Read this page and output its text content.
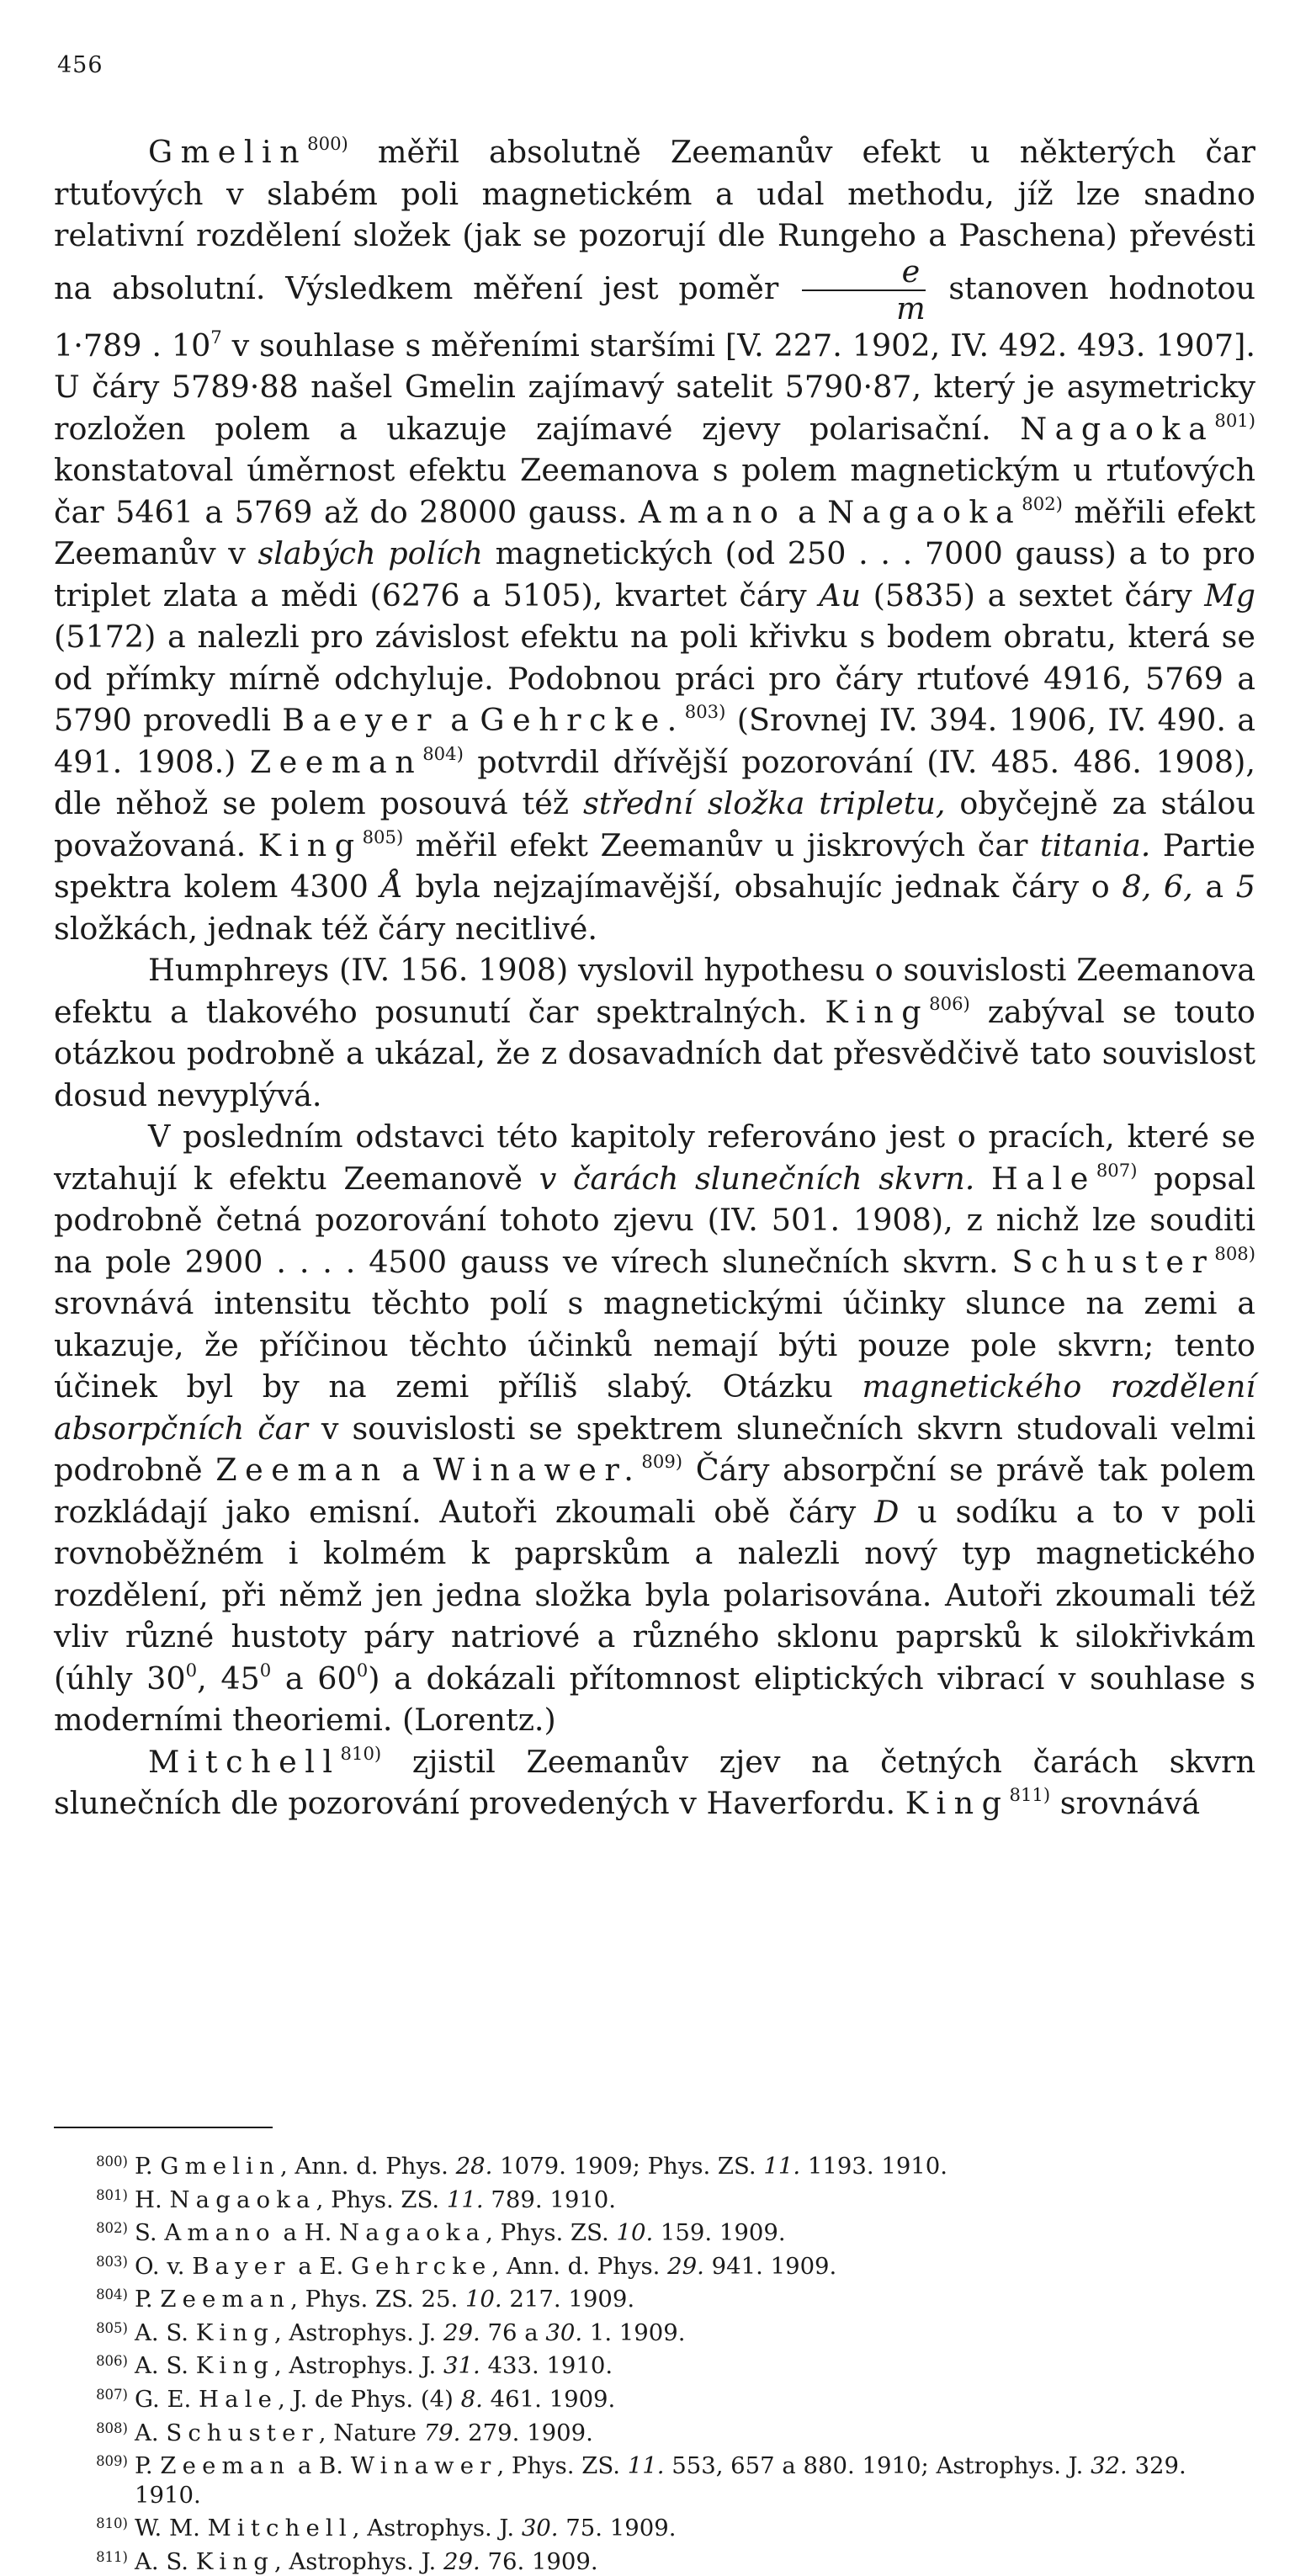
456

Gmelin$^{800)}$ měřil absolutně Zeemanův efekt u některých čar rtuťových v slabém poli magnetickém a udal methodu, jíž lze snadno relativní rozdělení složek (jak se pozorují dle Rungeho a Paschena) převésti na absolutní. Výsledkem měření jest poměr $\frac{e}{m}$ stanoven hodnotou 1·789 . $10^7$ v souhlase s měřeními staršími [V. 227. 1902, IV. 492. 493. 1907]. U čáry 5789·88 našel Gmelin zajímavý satelit 5790·87, který je asymetricky rozložen polem a ukazuje zajímavé zjevy polarisační. Nagaoka$^{801)}$ konstatoval úměrnost efektu Zeemanova s polem magnetickým u rtuťových čar 5461 a 5769 až do 28000 gauss. Amano a Nagaoka$^{802)}$ měřili efekt Zeemanův v slabých polích magnetických (od 250 . . . 7000 gauss) a to pro triplet zlata a mědi (6276 a 5105), kvartet čáry Au (5835) a sextet čáry Mg (5172) a nalezli pro závislost efektu na poli křivku s bodem obratu, která se od přímky mírně odchyluje. Podobnou práci pro čáry rtuťové 4916, 5769 a 5790 provedli Baeyer a Gehrcke.$^{803)}$ (Srovnej IV. 394. 1906, IV. 490. a 491. 1908.) Zeeman$^{804)}$ potvrdil dřívější pozorování (IV. 485. 486. 1908), dle něhož se polem posouvá též střední složka tripletu, obyčejně za stálou považovaná. King$^{805)}$ měřil efekt Zeemanův u jiskrových čar titania. Partie spektra kolem 4300 Å byla nejzajímavější, obsahujíc jednak čáry o 8, 6, a 5 složkách, jednak též čáry necitlivé.

Humphreys (IV. 156. 1908) vyslovil hypothesu o souvislosti Zeemanova efektu a tlakového posunutí čar spektralných. King$^{806)}$ zabýval se touto otázkou podrobně a ukázal, že z dosavadních dat přesvědčivě tato souvislost dosud nevyplývá.

V posledním odstavci této kapitoly referováno jest o pracích, které se vztahují k efektu Zeemanově v čarách slunečních skvrn. Hale$^{807)}$ popsal podrobně četná pozorování tohoto zjevu (IV. 501. 1908), z nichž lze souditi na pole 2900 . . . . 4500 gauss ve vírech slunečních skvrn. Schuster$^{808)}$ srovnává intensitu těchto polí s magnetickými účinky slunce na zemi a ukazuje, že příčinou těchto účinků nemají býti pouze pole skvrn; tento účinek byl by na zemi příliš slabý. Otázku magnetického rozdělení absorpčních čar v souvislosti se spektrem slunečních skvrn studovali velmi podrobně Zeeman a Winawer.$^{809)}$ Čáry absorpční se právě tak polem rozkládají jako emisní. Autoři zkoumali obě čáry D u sodíku a to v poli rovnoběžném i kolmém k paprskům a nalezli nový typ magnetického rozdělení, při němž jen jedna složka byla polarisována. Autoři zkoumali též vliv různé hustoty páry natriové a různého sklonu paprsků k silokřivkám (úhly $30^0$, $45^0$ a $60^0$) a dokázali přítomnost eliptických vibrací v souhlase s moderními theoriemi. (Lorentz.)

Mitchell$^{810)}$ zjistil Zeemanův zjev na četných čarách skvrn slunečních dle pozorování provedených v Haverfordu. King$^{811)}$ srovnává

800) P. Gmelin, Ann. d. Phys. 28. 1079. 1909; Phys. ZS. 11. 1193. 1910.
801) H. Nagaoka, Phys. ZS. 11. 789. 1910.
802) S. Amano a H. Nagaoka, Phys. ZS. 10. 159. 1909.
803) O. v. Bayer a E. Gehrcke, Ann. d. Phys. 29. 941. 1909.
804) P. Zeeman, Phys. ZS. 25. 10. 217. 1909.
805) A. S. King, Astrophys. J. 29. 76 a 30. 1. 1909.
806) A. S. King, Astrophys. J. 31. 433. 1910.
807) G. E. Hale, J. de Phys. (4) 8. 461. 1909.
808) A. Schuster, Nature 79. 279. 1909.
809) P. Zeeman a B. Winawer, Phys. ZS. 11. 553, 657 a 880. 1910; Astrophys. J. 32. 329. 1910.
810) W. M. Mitchell, Astrophys. J. 30. 75. 1909.
811) A. S. King, Astrophys. J. 29. 76. 1909.
